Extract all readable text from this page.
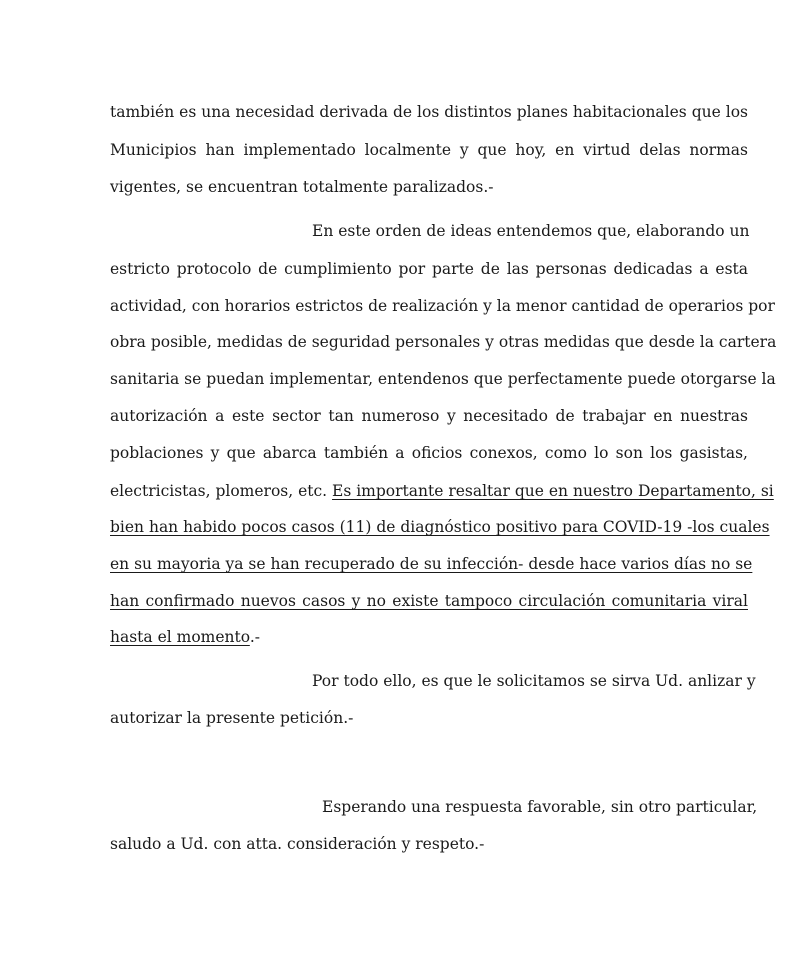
también es una necesidad derivada de los distintos planes habitacionales que los
Municipios han implementado localmente y que hoy, en virtud delas normas
vigentes, se encuentran totalmente paralizados.-
En este orden de ideas entendemos que, elaborando un
estricto protocolo de cumplimiento por parte de las personas dedicadas a esta
actividad, con horarios estrictos de realización y la menor cantidad de operarios por
obra posible, medidas de seguridad personales y otras medidas que desde la cartera
sanitaria se puedan implementar, entendenos que perfectamente puede otorgarse la
autorización a este sector tan numeroso y necesitado de trabajar en nuestras
poblaciones y que abarca también a oficios conexos, como lo son los gasistas,
electricistas, plomeros, etc. Es importante resaltar que en nuestro Departamento, si
bien han habido pocos casos (11) de diagnóstico positivo para COVID-19 -los cuales
en su mayoria ya se han recuperado de su infección- desde hace varios días no se
han confirmado nuevos casos y no existe tampoco circulación comunitaria viral
hasta el momento.-
Por todo ello, es que le solicitamos se sirva Ud. anlizar y
autorizar la presente petición.-
Esperando una respuesta favorable, sin otro particular,
saludo a Ud. con atta. consideración y respeto.-
